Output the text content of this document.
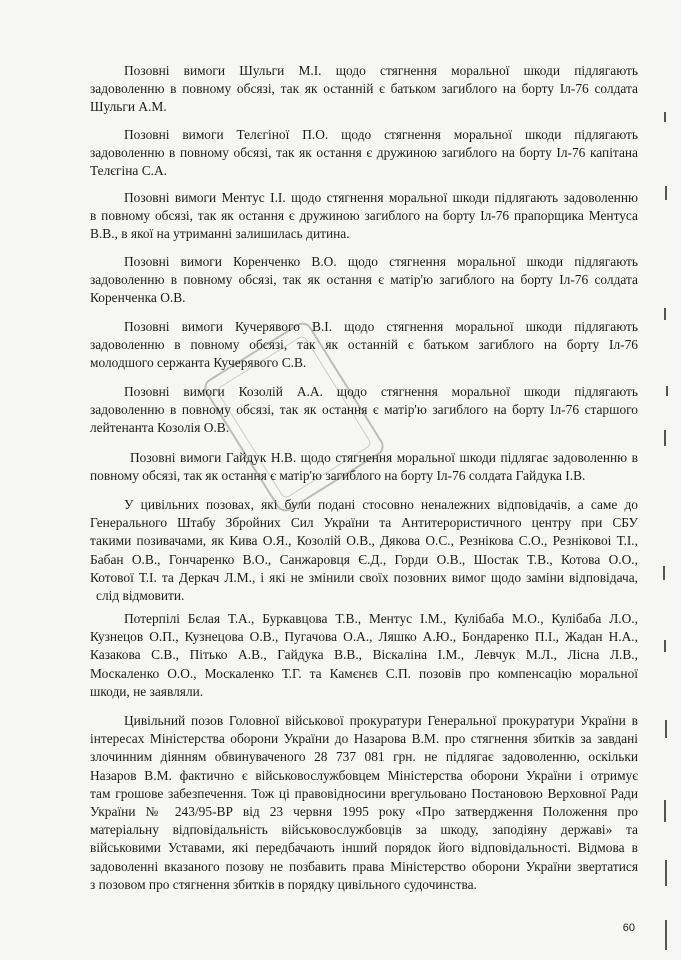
Позовні вимоги Шульги М.І. щодо стягнення моральної шкоди підлягають
задоволенню в повному обсязі, так як останній є батьком загиблого на борту Іл-76 солдата
Шульги А.М.
Позовні вимоги Телєгіної П.О. щодо стягнення моральної шкоди підлягають
задоволенню в повному обсязі, так як остання є дружиною загиблого на борту Іл-76 капітана
Телєгіна С.А.
Позовні вимоги Ментус І.І. щодо стягнення моральної шкоди підлягають задоволенню
в повному обсязі, так як остання є дружиною загиблого на борту Іл-76 прапорщика Ментуса
В.В., в якої на утриманні залишилась дитина.
Позовні вимоги Коренченко В.О. щодо стягнення моральної шкоди підлягають
задоволенню в повному обсязі, так як остання є матір'ю загиблого на борту Іл-76 солдата
Коренченка О.В.
Позовні вимоги Кучерявого В.І. щодо стягнення моральної шкоди підлягають
задоволенню в повному обсязі, так як останній є батьком загиблого на борту Іл-76
молодшого сержанта Кучерявого С.В.
Позовні вимоги Козолій А.А. щодо стягнення моральної шкоди підлягають
задоволенню в повному обсязі, так як остання є матір'ю загиблого на борту Іл-76 старшого
лейтенанта Козолія О.В.
Позовні вимоги Гайдук Н.В. щодо стягнення моральної шкоди підлягає задоволенню в
повному обсязі, так як остання є матір'ю загиблого на борту Іл-76 солдата Гайдука І.В.
У цивільних позовах, які були подані стосовно неналежних відповідачів, а саме до
Генерального Штабу Збройних Сил України та Антитерористичного центру при СБУ
такими позивачами, як Кива О.Я., Козолій О.В., Дякова О.С., Резнікова С.О., Резніковоі Т.І.,
Бабан О.В., Гончаренко В.О., Санжаровця Є.Д., Горди О.В., Шостак Т.В., Котова О.О.,
Котової Т.І. та Деркач Л.М., і які не змінили своїх позовних вимог щодо заміни відповідача,
слід відмовити.
Потерпілі Бєлая Т.А., Буркавцова Т.В., Ментус І.М., Кулібаба М.О., Кулібаба Л.О.,
Кузнецов О.П., Кузнецова О.В., Пугачова О.А., Ляшко А.Ю., Бондаренко П.І., Жадан Н.А.,
Казакова С.В., Пітько А.В., Гайдука В.В., Віскаліна І.М., Левчук М.Л., Ліснa Л.В.,
Москаленко О.О., Москаленко Т.Г. та Камєнєв С.П. позовів про компенсацію моральної
шкоди, не заявляли.
Цивільний позов Головної військової прокуратури Генеральної прокуратури України в
інтересах Міністерства оборони України до Назарова В.М. про стягнення збитків за завдані
злочинним діянням обвинуваченого 28 737 081 грн. не підлягає задоволенню, оскільки
Назаров В.М. фактично є військовослужбовцем Міністерства оборони України і отримує
там грошове забезпечення. Тож ці правовідносини врегульовано Постановою Верховної Ради
України № 243/95-ВР від 23 червня 1995 року «Про затвердження Положення про
матеріальну відповідальність військовослужбовців за шкоду, заподіяну державі» та
військовими Уставами, які передбачають інший порядок його відповідальності. Відмова в
задоволенні вказаного позову не позбавить права Міністерство оборони України звертатися
з позовом про стягнення збитків в порядку цивільного судочинства.
60
